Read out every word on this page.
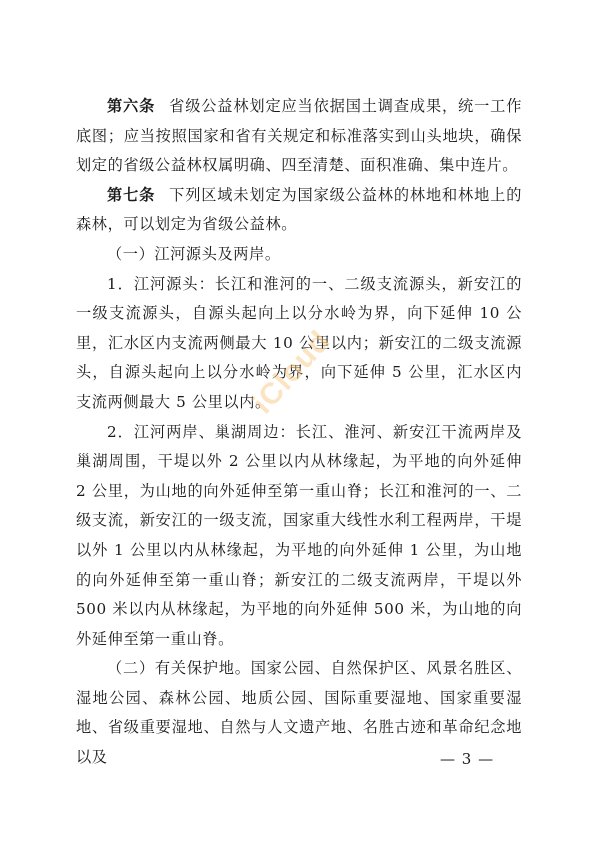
第六条 省级公益林划定应当依据国土调查成果，统一工作底图；应当按照国家和省有关规定和标准落实到山头地块，确保划定的省级公益林权属明确、四至清楚、面积准确、集中连片。

第七条 下列区域未划定为国家级公益林的林地和林地上的森林，可以划定为省级公益林。

（一）江河源头及两岸。

1．江河源头：长江和淮河的一、二级支流源头，新安江的一级支流源头，自源头起向上以分水岭为界，向下延伸 10 公里，汇水区内支流两侧最大 10 公里以内；新安江的二级支流源头，自源头起向上以分水岭为界，向下延伸 5 公里，汇水区内支流两侧最大 5 公里以内。

2．江河两岸、巢湖周边：长江、淮河、新安江干流两岸及巢湖周围，干堤以外 2 公里以内从林缘起，为平地的向外延伸 2 公里，为山地的向外延伸至第一重山脊；长江和淮河的一、二级支流，新安江的一级支流，国家重大线性水利工程两岸，干堤以外 1 公里以内从林缘起，为平地的向外延伸 1 公里，为山地的向外延伸至第一重山脊；新安江的二级支流两岸，干堤以外 500 米以内从林缘起，为平地的向外延伸 500 米，为山地的向外延伸至第一重山脊。

（二）有关保护地。国家公园、自然保护区、风景名胜区、湿地公园、森林公园、地质公园、国际重要湿地、国家重要湿地、省级重要湿地、自然与人文遗产地、名胜古迹和革命纪念地以及

iCloud
— 3 —
